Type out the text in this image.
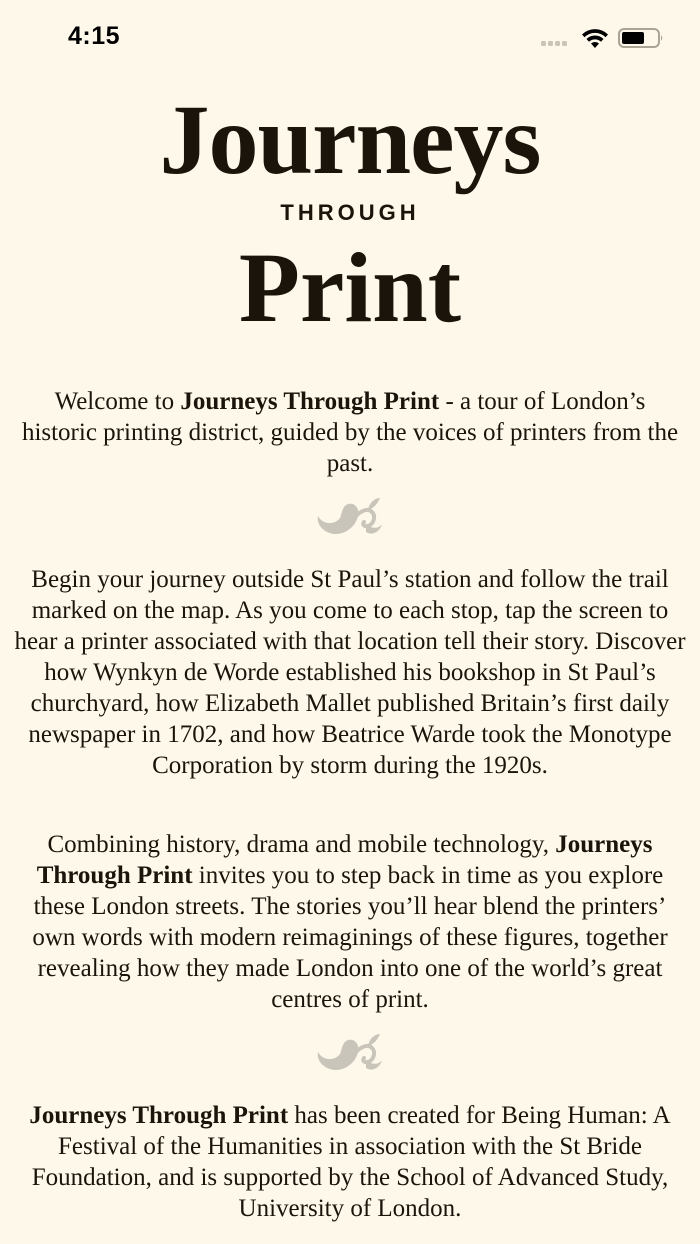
4:15
Journeys
through
Print
Welcome to Journeys Through Print - a tour of London’s historic printing district, guided by the voices of printers from the past.
Begin your journey outside St Paul’s station and follow the trail marked on the map. As you come to each stop, tap the screen to hear a printer associated with that location tell their story. Discover how Wynkyn de Worde established his bookshop in St Paul’s churchyard, how Elizabeth Mallet published Britain’s first daily newspaper in 1702, and how Beatrice Warde took the Monotype Corporation by storm during the 1920s.
Combining history, drama and mobile technology, Journeys Through Print invites you to step back in time as you explore these London streets. The stories you’ll hear blend the printers’ own words with modern reimaginings of these figures, together revealing how they made London into one of the world’s great centres of print.
Journeys Through Print has been created for Being Human: A Festival of the Humanities in association with the St Bride Foundation, and is supported by the School of Advanced Study, University of London.
